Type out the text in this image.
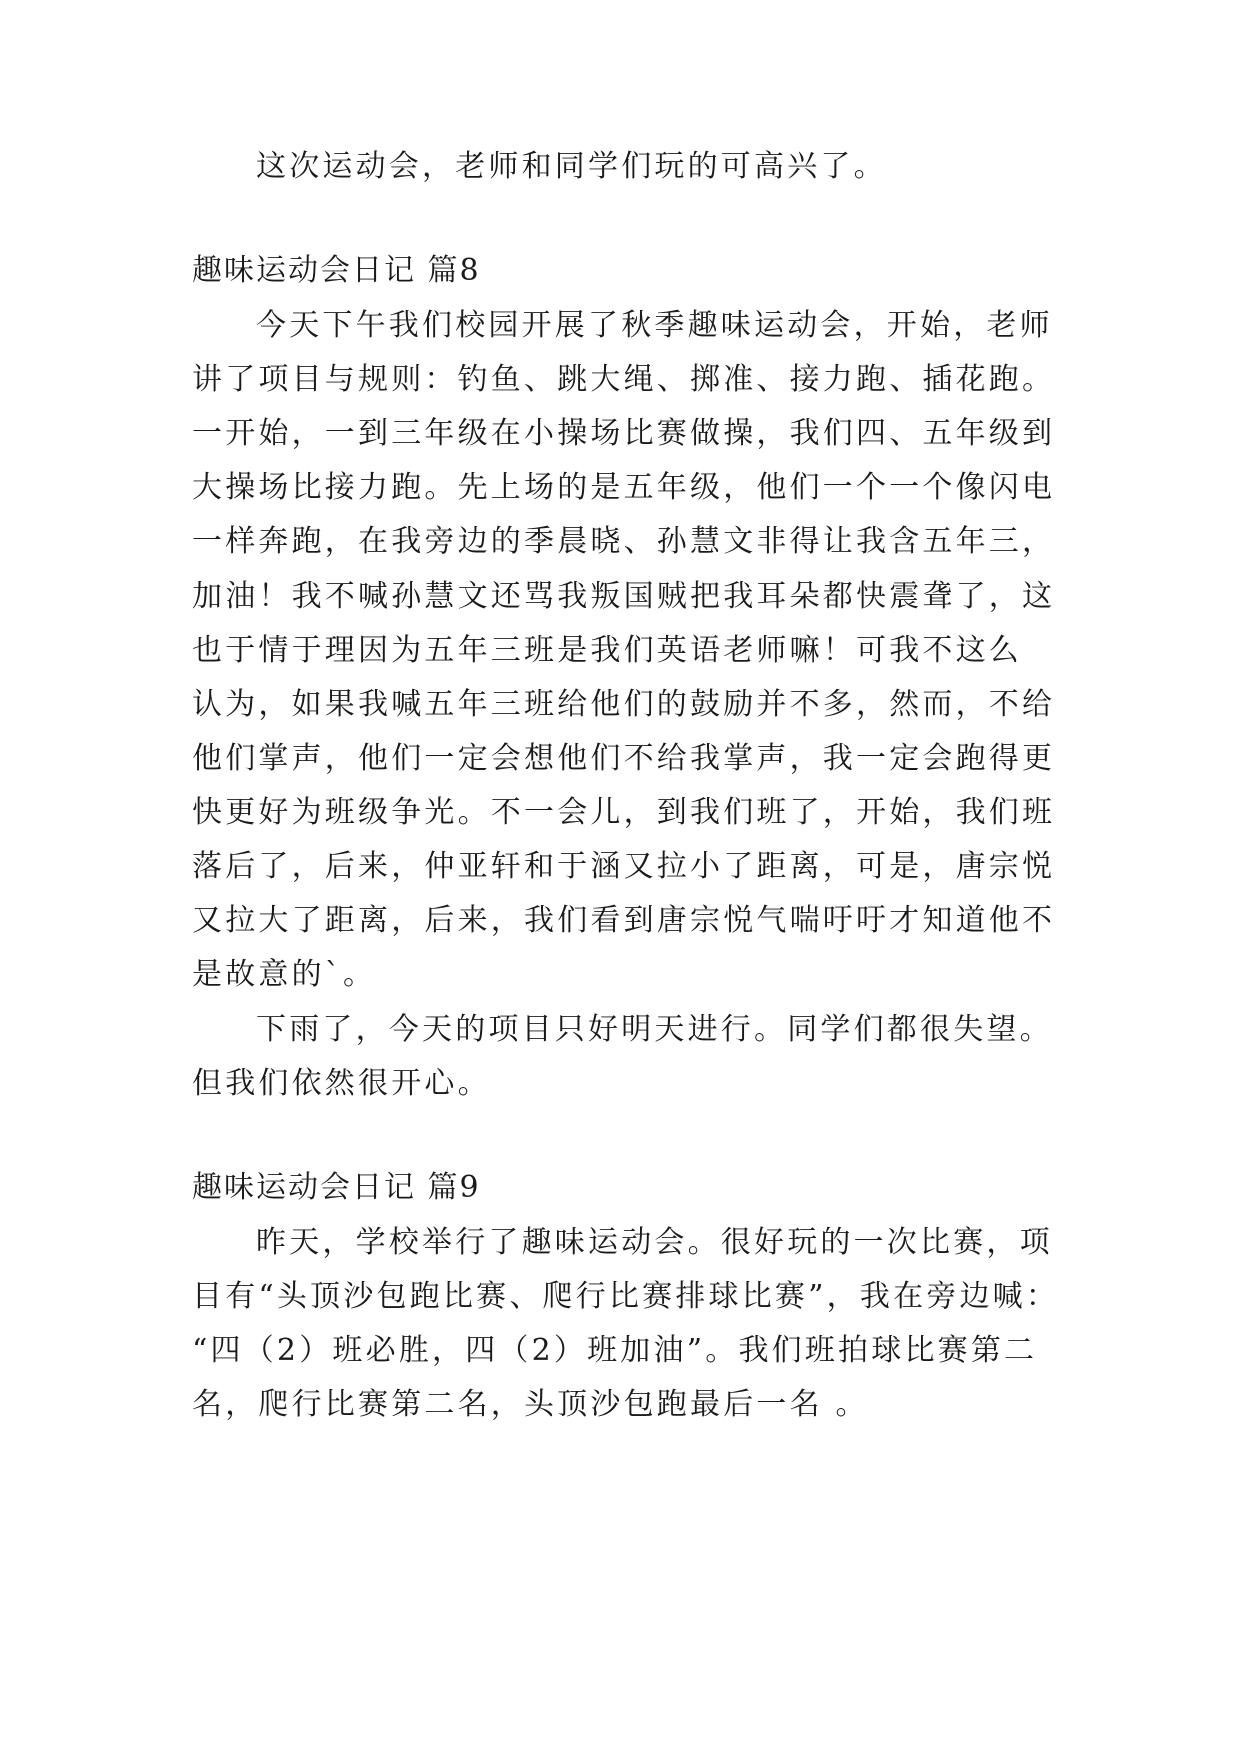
这次运动会，老师和同学们玩的可高兴了。
趣味运动会日记 篇8
今天下午我们校园开展了秋季趣味运动会，开始，老师
讲了项目与规则：钓鱼、跳大绳、掷准、接力跑、插花跑。
一开始，一到三年级在小操场比赛做操，我们四、五年级到
大操场比接力跑。先上场的是五年级，他们一个一个像闪电
一样奔跑，在我旁边的季晨晓、孙慧文非得让我含五年三，
加油！我不喊孙慧文还骂我叛国贼把我耳朵都快震聋了，这
也于情于理因为五年三班是我们英语老师嘛！可我不这么
认为，如果我喊五年三班给他们的鼓励并不多，然而，不给
他们掌声，他们一定会想他们不给我掌声，我一定会跑得更
快更好为班级争光。不一会儿，到我们班了，开始，我们班
落后了，后来，仲亚轩和于涵又拉小了距离，可是，唐宗悦
又拉大了距离，后来，我们看到唐宗悦气喘吁吁才知道他不
是故意的`。
下雨了，今天的项目只好明天进行。同学们都很失望。
但我们依然很开心。
趣味运动会日记 篇9
昨天，学校举行了趣味运动会。很好玩的一次比赛，项
目有“头顶沙包跑比赛、爬行比赛排球比赛”，我在旁边喊：
“四（2）班必胜，四（2）班加油”。我们班拍球比赛第二
名，爬行比赛第二名，头顶沙包跑最后一名 。
